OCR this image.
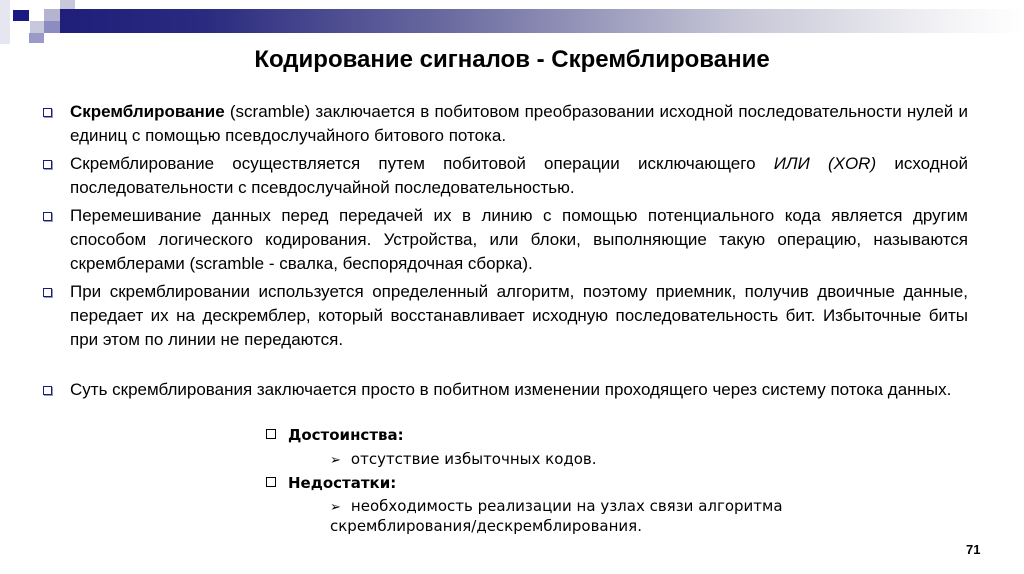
Кодирование сигналов - Скремблирование
Скремблирование (scramble) заключается в побитовом преобразовании исходной последовательности нулей и единиц с помощью псевдослучайного битового потока.
Скремблирование осуществляется путем побитовой операции исключающего ИЛИ (XOR) исходной последовательности с псевдослучайной последовательностью.
Перемешивание данных перед передачей их в линию с помощью потенциального кода является другим способом логического кодирования. Устройства, или блоки, выполняющие такую операцию, называются скремблерами (scramble - свалка, беспорядочная сборка).
При скремблировании используется определенный алгоритм, поэтому приемник, получив двоичные данные, передает их на дескремблер, который восстанавливает исходную последовательность бит. Избыточные биты при этом по линии не передаются.
Суть скремблирования заключается просто в побитном изменении проходящего через систему потока данных.
Достоинства:
➢ отсутствие избыточных кодов.
Недостатки:
➢ необходимость реализации на узлах связи алгоритма
скремблирования/дескремблирования.
71
